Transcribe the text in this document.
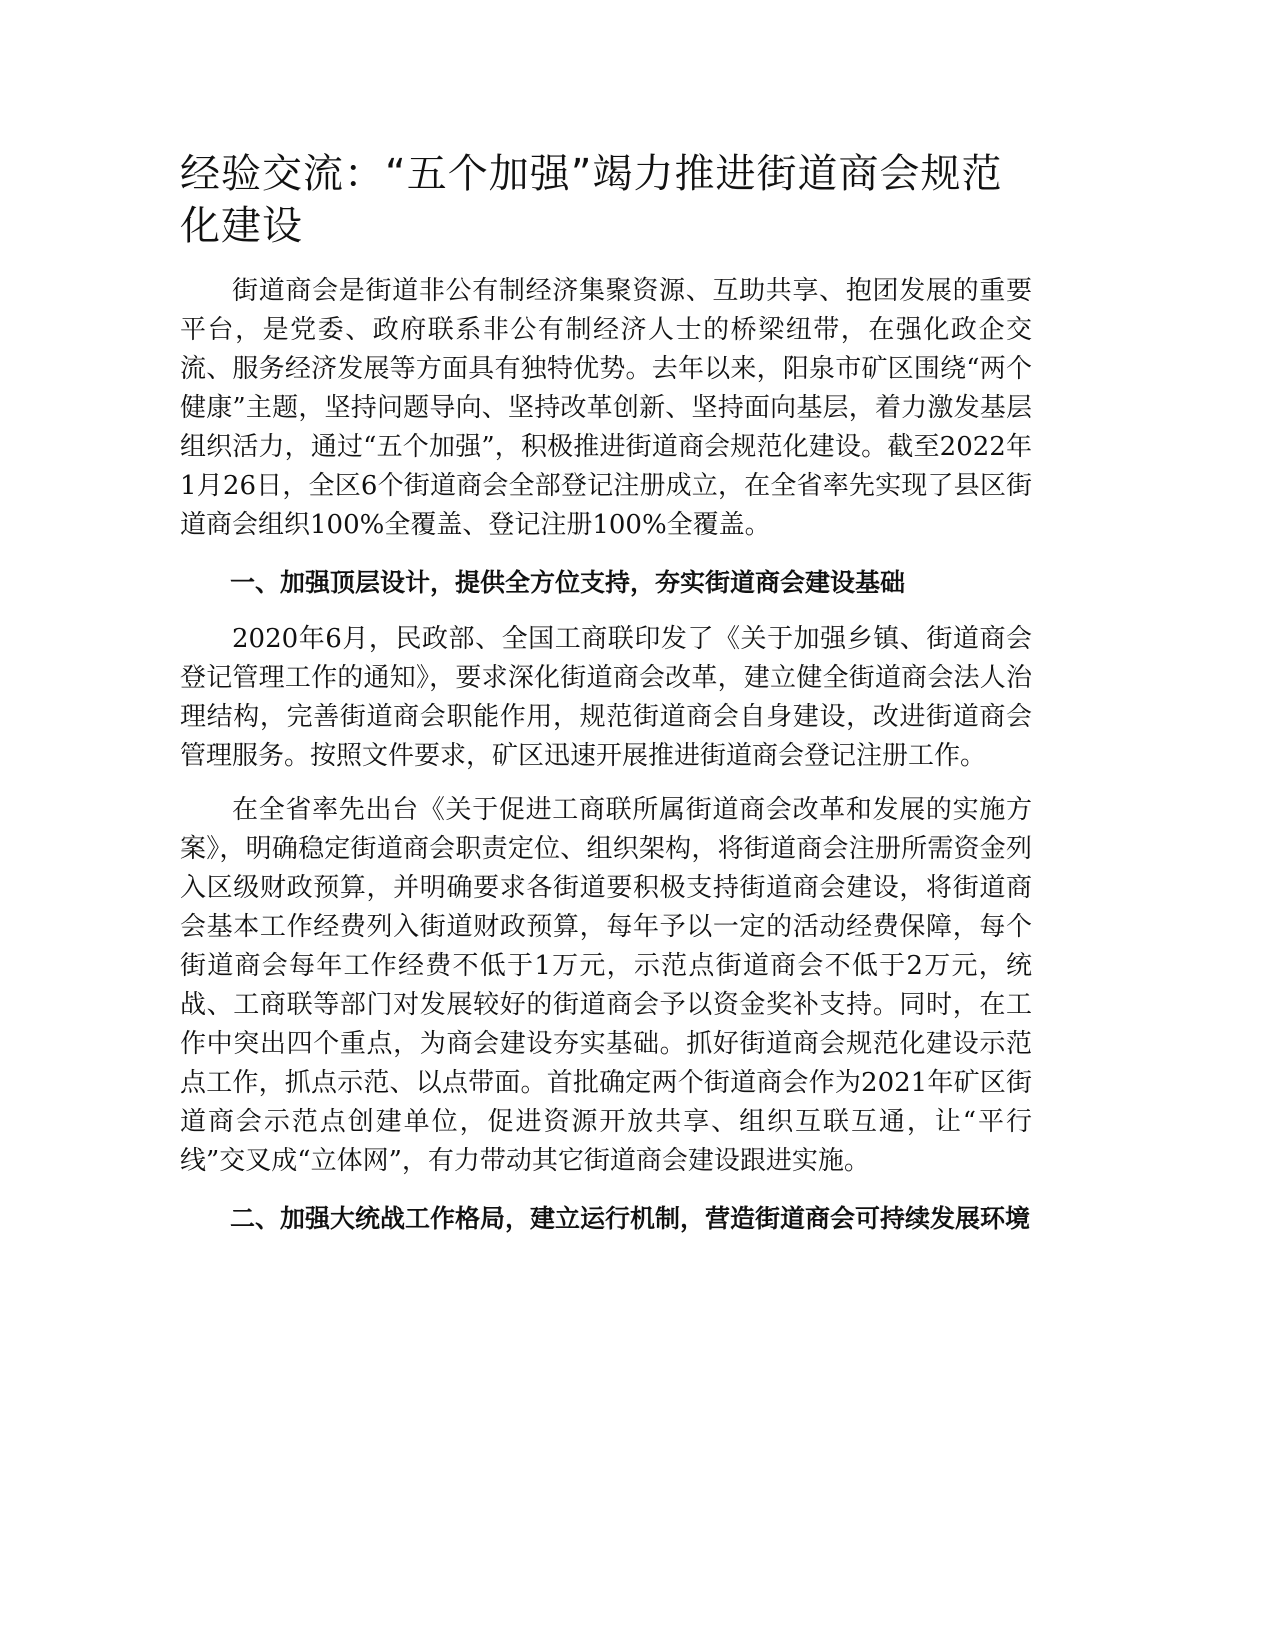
经验交流：“五个加强”竭力推进街道商会规范化建设

街道商会是街道非公有制经济集聚资源、互助共享、抱团发展的重要平台，是党委、政府联系非公有制经济人士的桥梁纽带，在强化政企交流、服务经济发展等方面具有独特优势。去年以来，阳泉市矿区围绕“两个健康”主题，坚持问题导向、坚持改革创新、坚持面向基层，着力激发基层组织活力，通过“五个加强”，积极推进街道商会规范化建设。截至2022年1月26日，全区6个街道商会全部登记注册成立，在全省率先实现了县区街道商会组织100%全覆盖、登记注册100%全覆盖。

一、加强顶层设计，提供全方位支持，夯实街道商会建设基础

2020年6月，民政部、全国工商联印发了《关于加强乡镇、街道商会登记管理工作的通知》，要求深化街道商会改革，建立健全街道商会法人治理结构，完善街道商会职能作用，规范街道商会自身建设，改进街道商会管理服务。按照文件要求，矿区迅速开展推进街道商会登记注册工作。

在全省率先出台《关于促进工商联所属街道商会改革和发展的实施方案》，明确稳定街道商会职责定位、组织架构，将街道商会注册所需资金列入区级财政预算，并明确要求各街道要积极支持街道商会建设，将街道商会基本工作经费列入街道财政预算，每年予以一定的活动经费保障，每个街道商会每年工作经费不低于1万元，示范点街道商会不低于2万元，统战、工商联等部门对发展较好的街道商会予以资金奖补支持。同时，在工作中突出四个重点，为商会建设夯实基础。抓好街道商会规范化建设示范点工作，抓点示范、以点带面。首批确定两个街道商会作为2021年矿区街道商会示范点创建单位，促进资源开放共享、组织互联互通，让“平行线”交叉成“立体网”，有力带动其它街道商会建设跟进实施。

二、加强大统战工作格局，建立运行机制，营造街道商会可持续发展环境
